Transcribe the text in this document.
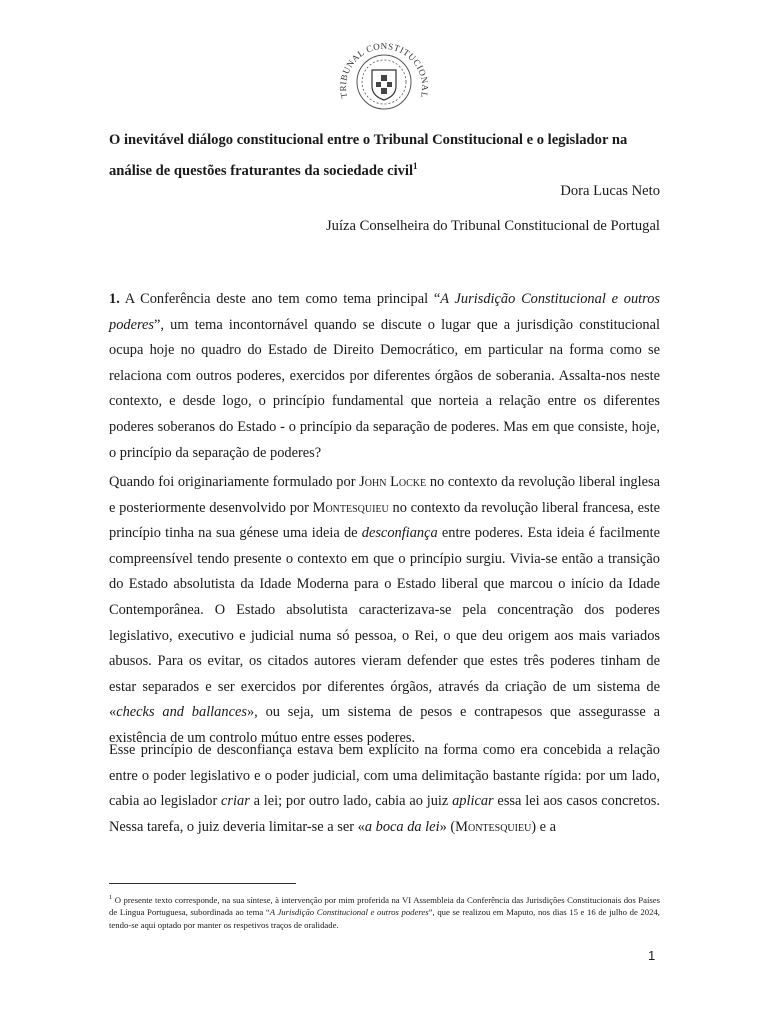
TRIBUNAL CONSTITUCIONAL
O inevitável diálogo constitucional entre o Tribunal Constitucional e o legislador na análise de questões fraturantes da sociedade civil$^1$

Dora Lucas Neto

Juíza Conselheira do Tribunal Constitucional de Portugal

1. A Conferência deste ano tem como tema principal “A Jurisdição Constitucional e outros poderes”, um tema incontornável quando se discute o lugar que a jurisdição constitucional ocupa hoje no quadro do Estado de Direito Democrático, em particular na forma como se relaciona com outros poderes, exercidos por diferentes órgãos de soberania. Assalta-nos neste contexto, e desde logo, o princípio fundamental que norteia a relação entre os diferentes poderes soberanos do Estado - o princípio da separação de poderes. Mas em que consiste, hoje, o princípio da separação de poderes?

Quando foi originariamente formulado por John Locke no contexto da revolução liberal inglesa e posteriormente desenvolvido por Montesquieu no contexto da revolução liberal francesa, este princípio tinha na sua génese uma ideia de desconfiança entre poderes. Esta ideia é facilmente compreensível tendo presente o contexto em que o princípio surgiu. Vivia-se então a transição do Estado absolutista da Idade Moderna para o Estado liberal que marcou o início da Idade Contemporânea. O Estado absolutista caracterizava-se pela concentração dos poderes legislativo, executivo e judicial numa só pessoa, o Rei, o que deu origem aos mais variados abusos. Para os evitar, os citados autores vieram defender que estes três poderes tinham de estar separados e ser exercidos por diferentes órgãos, através da criação de um sistema de «checks and ballances», ou seja, um sistema de pesos e contrapesos que assegurasse a existência de um controlo mútuo entre esses poderes.

Esse princípio de desconfiança estava bem explícito na forma como era concebida a relação entre o poder legislativo e o poder judicial, com uma delimitação bastante rígida: por um lado, cabia ao legislador criar a lei; por outro lado, cabia ao juiz aplicar essa lei aos casos concretos. Nessa tarefa, o juiz deveria limitar-se a ser «a boca da lei» (Montesquieu) e a

$^1$ O presente texto corresponde, na sua síntese, à intervenção por mim proferida na VI Assembleia da Conferência das Jurisdições Constitucionais dos Países de Língua Portuguesa, subordinada ao tema “A Jurisdição Constitucional e outros poderes”, que se realizou em Maputo, nos dias 15 e 16 de julho de 2024, tendo-se aqui optado por manter os respetivos traços de oralidade.

1
